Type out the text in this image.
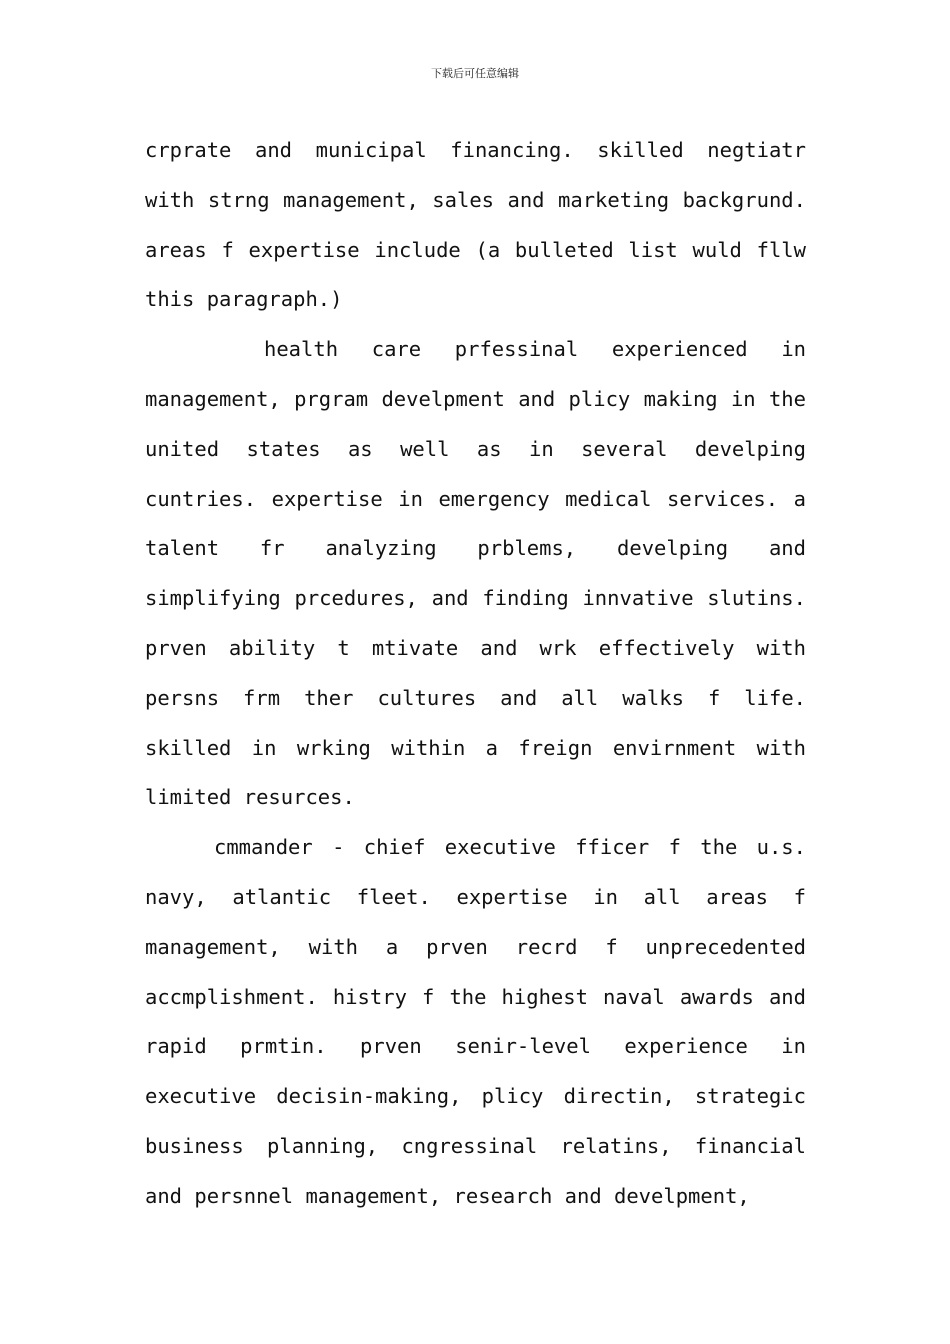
下载后可任意编辑

crprate and municipal financing. skilled negtiatr with strng management, sales and marketing backgrund. areas f expertise include (a bulleted list wuld fllw this paragraph.)

health care prfessinal experienced in management, prgram develpment and plicy making in the united states as well as in several develping cuntries. expertise in emergency medical services. a talent fr analyzing prblems, develping and simplifying prcedures, and finding innvative slutins. prven ability t mtivate and wrk effectively with persns frm ther cultures and all walks f life. skilled in wrking within a freign envirnment with limited resurces.

cmmander - chief executive fficer f the u.s. navy, atlantic fleet. expertise in all areas f management, with a prven recrd f unprecedented accmplishment. histry f the highest naval awards and rapid prmtin. prven senir-level experience in executive decisin-making, plicy directin, strategic business planning, cngressinal relatins, financial and persnnel management, research and develpment,
